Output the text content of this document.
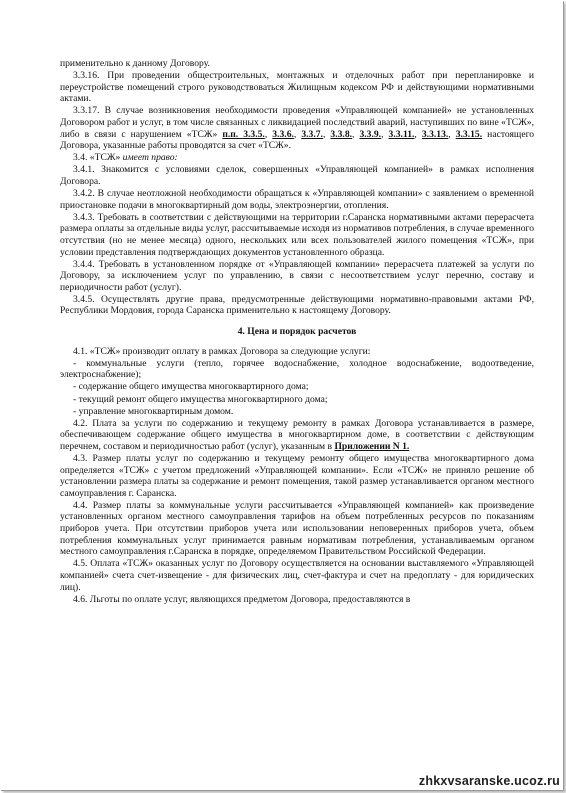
применительно к данному Договору.

3.3.16. При проведении общестроительных, монтажных и отделочных работ при перепланировке и переустройстве помещений строго руководствоваться Жилищным кодексом РФ и действующими нормативными актами.

3.3.17. В случае возникновения необходимости проведения «Управляющей компанией» не установленных Договором работ и услуг, в том числе связанных с ликвидацией последствий аварий, наступивших по вине «ТСЖ», либо в связи с нарушением «ТСЖ» п.п. 3.3.5., 3.3.6., 3.3.7., 3.3.8., 3.3.9., 3.3.11., 3.3.13., 3.3.15. настоящего Договора, указанные работы проводятся за счет «ТСЖ».

3.4. «ТСЖ» имеет право:

3.4.1. Знакомится с условиями сделок, совершенных «Управляющей компанией» в рамках исполнения Договора.

3.4.2. В случае неотложной необходимости обращаться к «Управляющей компании» с заявлением о временной приостановке подачи в многоквартирный дом воды, электроэнергии, отопления.

3.4.3. Требовать в соответствии с действующими на территории г.Саранска нормативными актами перерасчета размера оплаты за отдельные виды услуг, рассчитываемые исходя из нормативов потребления, в случае временного отсутствия (но не менее месяца) одного, нескольких или всех пользователей жилого помещения «ТСЖ», при условии представления подтверждающих документов установленного образца.

3.4.4. Требовать в установленном порядке от «Управляющей компании» перерасчета платежей за услуги по Договору, за исключением услуг по управлению, в связи с несоответствием услуг перечню, составу и периодичности работ (услуг).

3.4.5. Осуществлять другие права, предусмотренные действующими нормативно-правовыми актами РФ, Республики Мордовия, города Саранска применительно к настоящему Договору.

4. Цена и порядок расчетов

4.1. «ТСЖ» производит оплату в рамках Договора за следующие услуги:

- коммунальные услуги (тепло, горячее водоснабжение, холодное водоснабжение, водоотведение, электроснабжение);

- содержание общего имущества многоквартирного дома;

- текущий ремонт общего имущества многоквартирного дома;

- управление многоквартирным домом.

4.2. Плата за услуги по содержанию и текущему ремонту в рамках Договора устанавливается в размере, обеспечивающем содержание общего имущества в многоквартирном доме, в соответствии с действующим перечнем, составом и периодичностью работ (услуг), указанным в Приложении N 1.

4.3. Размер платы услуг по содержанию и текущему ремонту общего имущества многоквартирного дома определяется «ТСЖ» с учетом предложений «Управляющей компании». Если «ТСЖ» не приняло решение об установлении размера платы за содержание и ремонт помещения, такой размер устанавливается органом местного самоуправления г. Саранска.

4.4. Размер платы за коммунальные услуги рассчитывается «Управляющей компанией» как произведение установленных органом местного самоуправления тарифов на объем потребленных ресурсов по показаниям приборов учета. При отсутствии приборов учета или использовании неповеренных приборов учета, объем потребления коммунальных услуг принимается равным нормативам потребления, устанавливаемым органом местного самоуправления г.Саранска в порядке, определяемом Правительством Российской Федерации.

4.5. Оплата «ТСЖ» оказанных услуг по Договору осуществляется на основании выставляемого «Управляющей компанией» счета счет-извещение - для физических лиц, счет-фактура и счет на предоплату - для юридических лиц).

4.6. Льготы по оплате услуг, являющихся предметом Договора, предоставляются в

zhkxvsaranske.ucoz.ru
